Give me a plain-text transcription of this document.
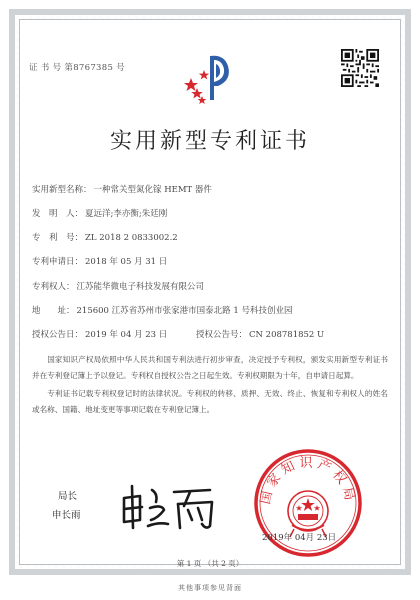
证 书 号 第8767385 号
实用新型专利证书
实用新型名称： 一种常关型氮化镓 HEMT 器件
发　明　人： 夏远洋;李亦衡;朱廷刚
专　利　号： ZL 2018 2 0833002.2
专利申请日： 2018 年 05 月 31 日
专利权人： 江苏能华微电子科技发展有限公司
地　　址： 215600 江苏省苏州市张家港市国泰北路 1 号科技创业园
授权公告日： 2019 年 04 月 23 日	授权公告号： CN 208781852 U

国家知识产权局依照中华人民共和国专利法进行初步审查，决定授予专利权，颁发实用新型专利证书并在专利登记簿上予以登记。专利权自授权公告之日起生效。专利权期限为十年，自申请日起算。

专利证书记载专利权登记时的法律状况。专利权的转移、质押、无效、终止、恢复和专利权人的姓名或名称、国籍、地址变更等事项记载在专利登记簿上。

局长
申长雨
国家知识产权局
2019年 04月 23日
第 1 页 （共 2 页）
其他事项参见背面
